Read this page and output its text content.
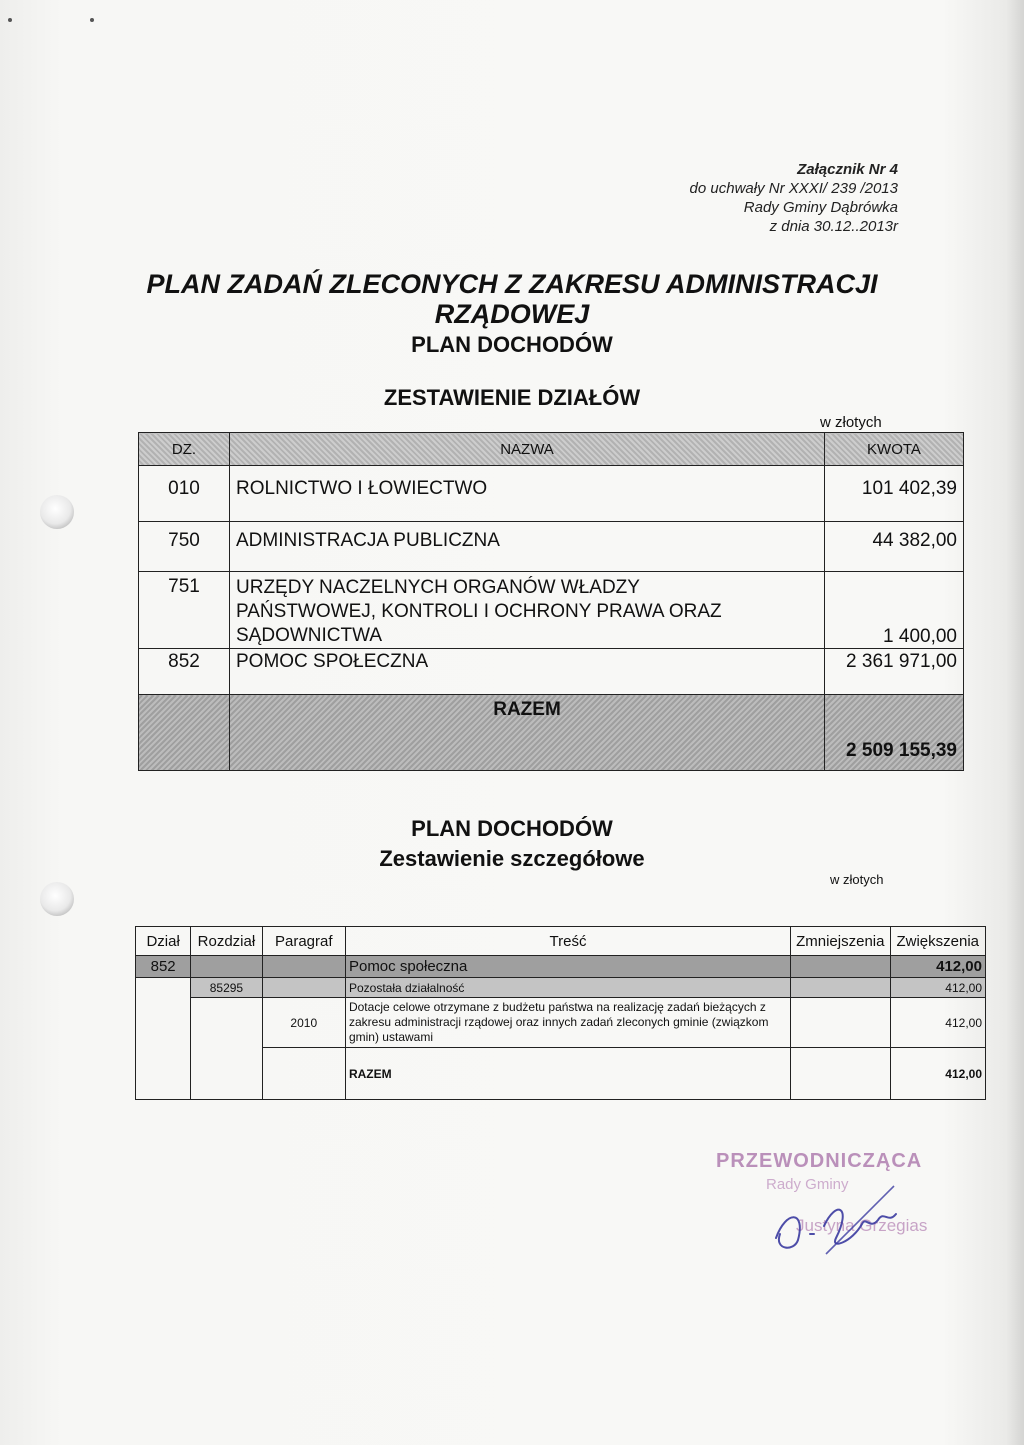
Załącznik Nr 4
do uchwały Nr XXXI/ 239 /2013
Rady Gminy Dąbrówka
z dnia 30.12..2013r
PLAN ZADAŃ ZLECONYCH Z ZAKRESU ADMINISTRACJI
RZĄDOWEJ
PLAN DOCHODÓW
ZESTAWIENIE DZIAŁÓW
w złotych
DZ.	NAZWA	KWOTA
010	ROLNICTWO I ŁOWIECTWO	101 402,39
750	ADMINISTRACJA PUBLICZNA	44 382,00
751	URZĘDY NACZELNYCH ORGANÓW WŁADZY PAŃSTWOWEJ, KONTROLI I OCHRONY PRAWA ORAZ SĄDOWNICTWA	1 400,00
852	POMOC SPOŁECZNA	2 361 971,00
	RAZEM	2 509 155,39
PLAN DOCHODÓW
Zestawienie szczegółowe
w złotych
Dział	Rozdział	Paragraf	Treść	Zmniejszenia	Zwiększenia
852			Pomoc społeczna		412,00
	85295		Pozostała działalność		412,00
		2010	Dotacje celowe otrzymane z budżetu państwa na realizację zadań bieżących z zakresu administracji rządowej oraz innych zadań zleconych gminie (związkom gmin) ustawami		412,00
			RAZEM		412,00
PRZEWODNICZĄCA
Rady Gminy
Justyna Grzegias
